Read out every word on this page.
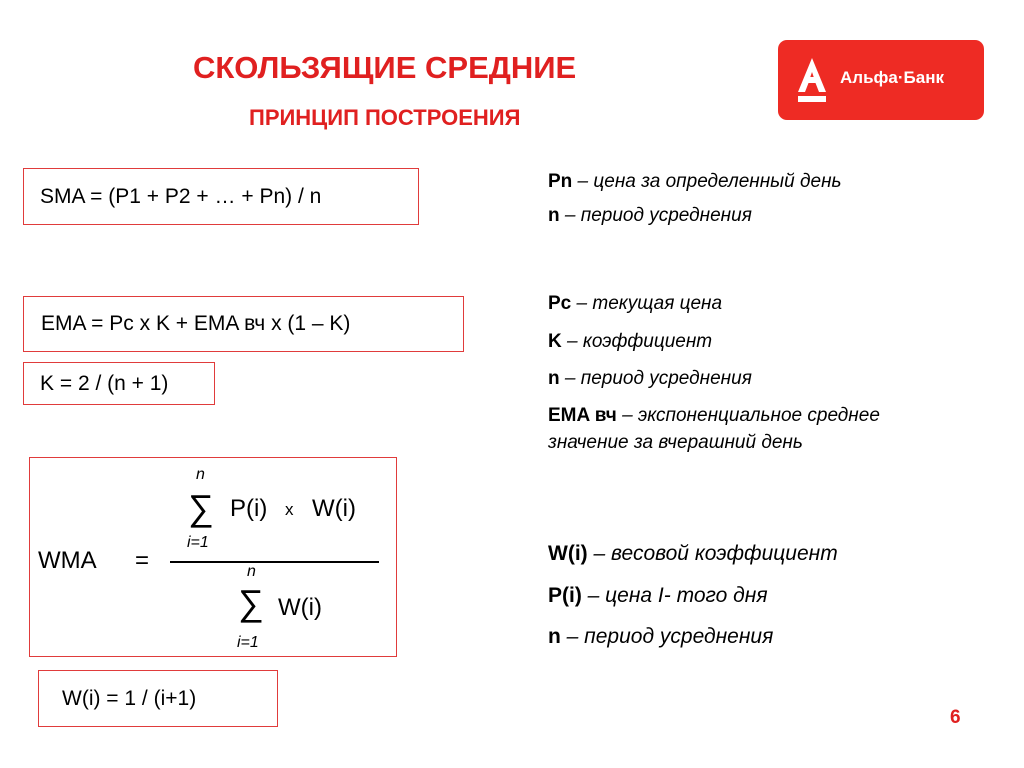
СКОЛЬЗЯЩИЕ СРЕДНИЕ
ПРИНЦИП ПОСТРОЕНИЯ
Альфа·Банк
SMA = (P1 + P2 + … + Pn) / n
EMA = Pc x K + EMA вч x (1 – K)
K = 2 / (n + 1)
WMA =
n
∑
i=1
P(i) x W(i)
n
∑
i=1
W(i)
W(i) = 1 / (i+1)
Pn – цена за определенный день
n – период усреднения
Pc – текущая цена
K – коэффициент
n – период усреднения
EMA вч – экспоненциальное среднее
значение за вчерашний день
W(i) – весовой коэффициент
P(i) – цена I- того дня
n – период усреднения
6
